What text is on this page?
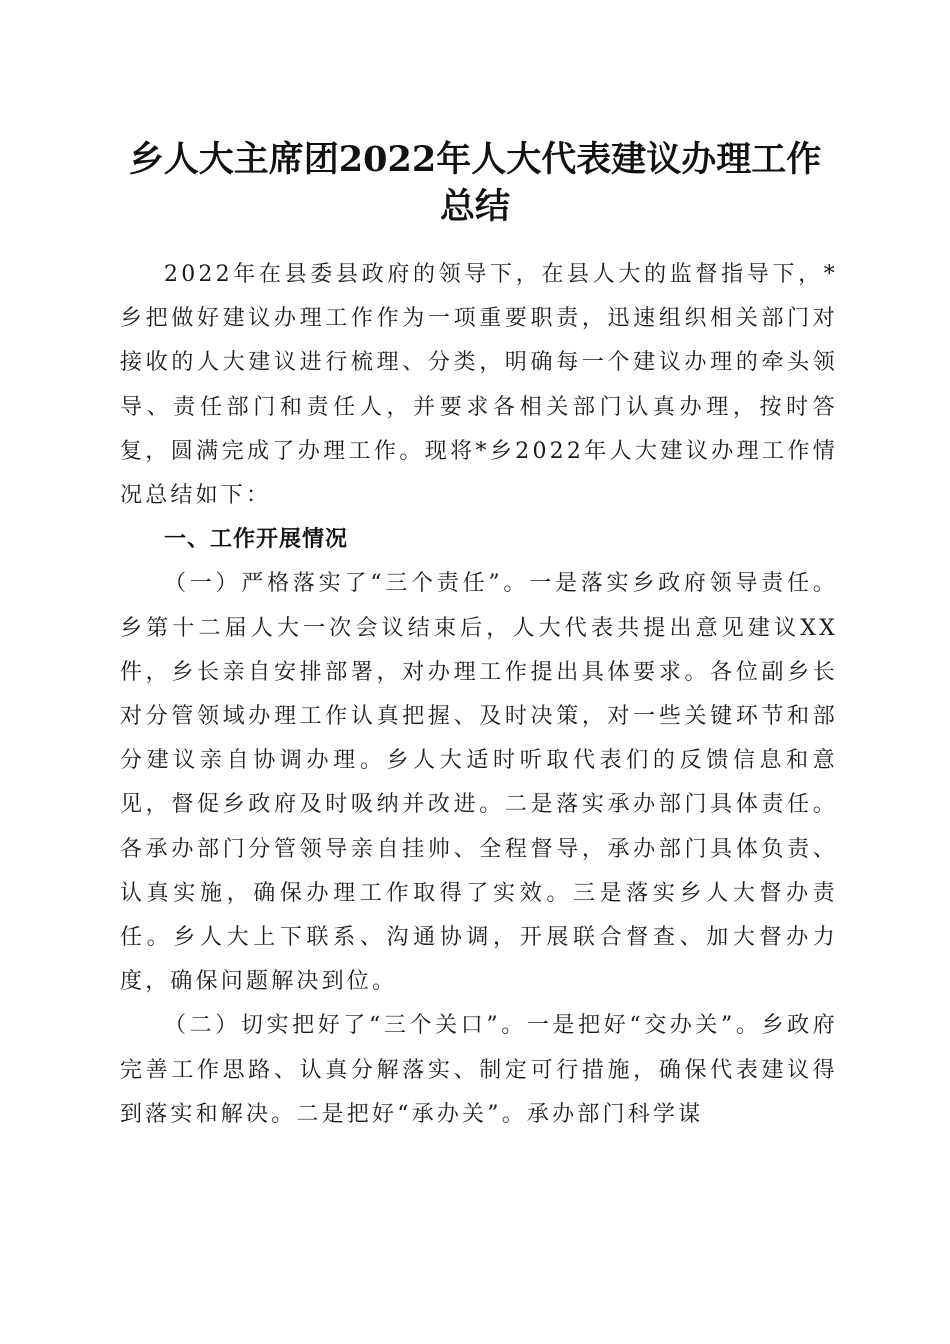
乡人大主席团2022年人大代表建议办理工作
总结

2022年在县委县政府的领导下，在县人大的监督指导下，*乡把做好建议办理工作作为一项重要职责，迅速组织相关部门对接收的人大建议进行梳理、分类，明确每一个建议办理的牵头领导、责任部门和责任人，并要求各相关部门认真办理，按时答复，圆满完成了办理工作。现将*乡2022年人大建议办理工作情况总结如下：

一、工作开展情况

（一）严格落实了“三个责任”。一是落实乡政府领导责任。乡第十二届人大一次会议结束后，人大代表共提出意见建议XX件，乡长亲自安排部署，对办理工作提出具体要求。各位副乡长对分管领域办理工作认真把握、及时决策，对一些关键环节和部分建议亲自协调办理。乡人大适时听取代表们的反馈信息和意见，督促乡政府及时吸纳并改进。二是落实承办部门具体责任。各承办部门分管领导亲自挂帅、全程督导，承办部门具体负责、认真实施，确保办理工作取得了实效。三是落实乡人大督办责任。乡人大上下联系、沟通协调，开展联合督查、加大督办力度，确保问题解决到位。

（二）切实把好了“三个关口”。一是把好“交办关”。乡政府完善工作思路、认真分解落实、制定可行措施，确保代表建议得到落实和解决。二是把好“承办关”。承办部门科学谋
